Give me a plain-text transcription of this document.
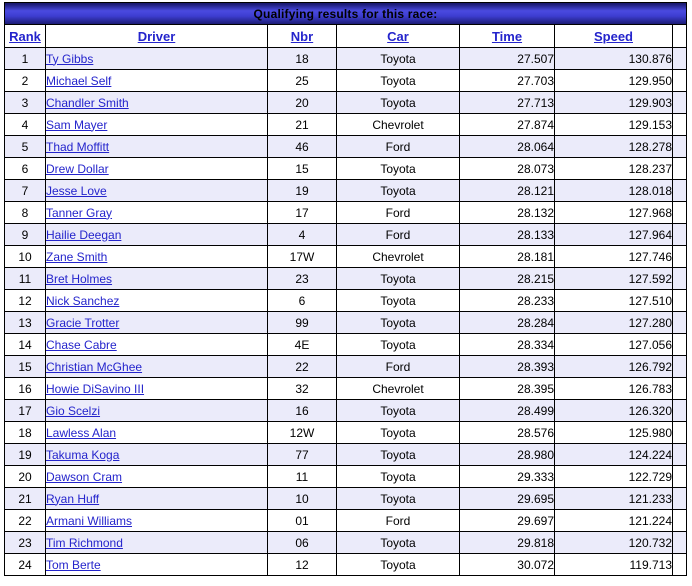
Qualifying results for this race:						
Rank	Driver	Nbr	Car	Time	Speed	
1	Ty Gibbs	18	Toyota	27.507	130.876	
2	Michael Self	25	Toyota	27.703	129.950	
3	Chandler Smith	20	Toyota	27.713	129.903	
4	Sam Mayer	21	Chevrolet	27.874	129.153	
5	Thad Moffitt	46	Ford	28.064	128.278	
6	Drew Dollar	15	Toyota	28.073	128.237	
7	Jesse Love	19	Toyota	28.121	128.018	
8	Tanner Gray	17	Ford	28.132	127.968	
9	Hailie Deegan	4	Ford	28.133	127.964	
10	Zane Smith	17W	Chevrolet	28.181	127.746	
11	Bret Holmes	23	Toyota	28.215	127.592	
12	Nick Sanchez	6	Toyota	28.233	127.510	
13	Gracie Trotter	99	Toyota	28.284	127.280	
14	Chase Cabre	4E	Toyota	28.334	127.056	
15	Christian McGhee	22	Ford	28.393	126.792	
16	Howie DiSavino III	32	Chevrolet	28.395	126.783	
17	Gio Scelzi	16	Toyota	28.499	126.320	
18	Lawless Alan	12W	Toyota	28.576	125.980	
19	Takuma Koga	77	Toyota	28.980	124.224	
20	Dawson Cram	11	Toyota	29.333	122.729	
21	Ryan Huff	10	Toyota	29.695	121.233	
22	Armani Williams	01	Ford	29.697	121.224	
23	Tim Richmond	06	Toyota	29.818	120.732	
24	Tom Berte	12	Toyota	30.072	119.713	
